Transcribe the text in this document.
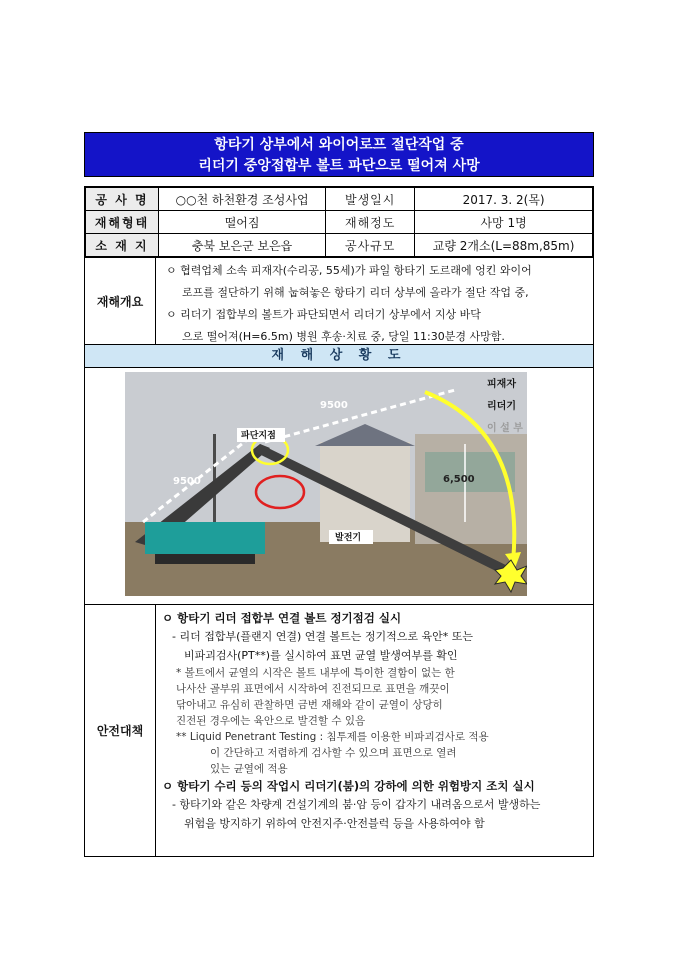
항타기 상부에서 와이어로프 절단작업 중
리더기 중앙접합부 볼트 파단으로 떨어져 사망
공 사 명	○○천 하천환경 조성사업	발생일시	2017. 3. 2(목)
재해형태	떨어짐	재해정도	사망 1명
소 재 지	충북 보은군 보은읍	공사규모	교량 2개소(L=88m,85m)
재해개요
ㅇ 협력업체 소속 피재자(수리공, 55세)가 파일 항타기 도르래에 엉킨 와이어
로프를 절단하기 위해 눕혀놓은 항타기 리더 상부에 올라가 절단 작업 중,
ㅇ 리더기 접합부의 볼트가 파단되면서 리더기 상부에서 지상 바닥
으로 떨어져(H=6.5m) 병원 후송·치료 중, 당일 11:30분경 사망함.
재 해 상 황 도
9500
9500	6,500
파단지점
발전기
피재자
리더기
이 설 부
안전대책
ㅇ 항타기 리더 접합부 연결 볼트 정기점검 실시
- 리더 접합부(플랜지 연결) 연결 볼트는 정기적으로 육안* 또는
비파괴검사(PT**)를 실시하여 표면 균열 발생여부를 확인
* 볼트에서 균열의 시작은 볼트 내부에 특이한 결함이 없는 한
나사산 골부위 표면에서 시작하여 진전되므로 표면을 깨끗이
닦아내고 유심히 관찰하면 금번 재해와 같이 균열이 상당히
진전된 경우에는 육안으로 발견할 수 있음
** Liquid Penetrant Testing : 침투제를 이용한 비파괴검사로 적용
이 간단하고 저렴하게 검사할 수 있으며 표면으로 열려
있는 균열에 적용
ㅇ 항타기 수리 등의 작업시 리더기(붐)의 강하에 의한 위험방지 조치 실시
- 항타기와 같은 차량계 건설기계의 붐·암 등이 갑자기 내려옴으로서 발생하는
위험을 방지하기 위하여 안전지주·안전블럭 등을 사용하여야 함
